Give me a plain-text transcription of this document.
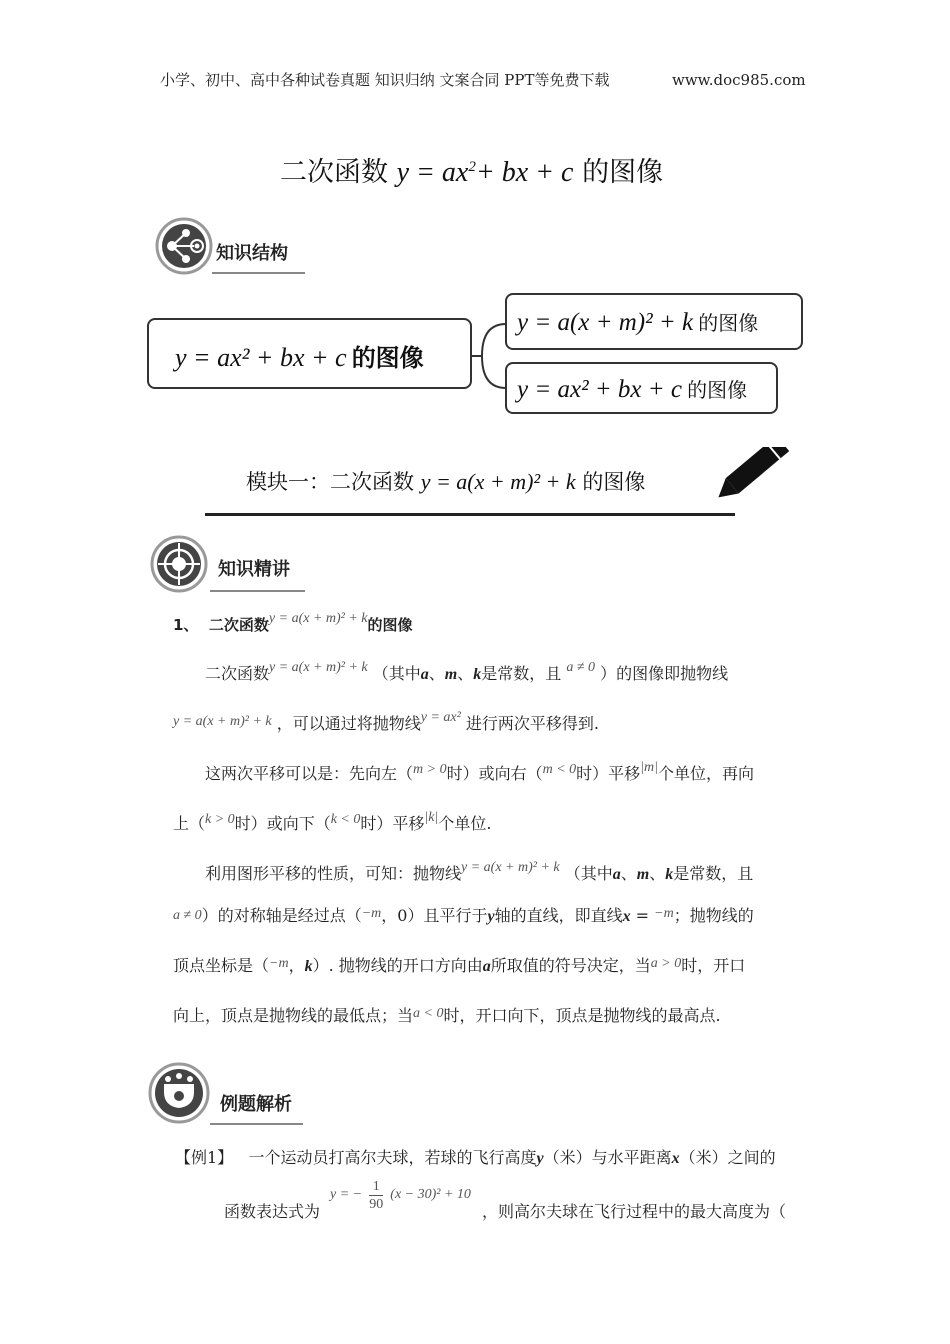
小学、初中、高中各种试卷真题 知识归纳 文案合同 PPT等免费下载	www.doc985.com
二次函数 $y = ax^2+$ bx + c 的图像
知识结构
y = ax² + bx + c 的图像
y = a(x + m)² + k 的图像
y = ax² + bx + c 的图像
模块一：二次函数 y = a(x + m)² + k 的图像
知识精讲
1、 二次函数y = a(x + m)² + k的图像
二次函数y = a(x + m)² + k （其中a、m、k是常数，且 a ≠ 0 ）的图像即抛物线
y = a(x + m)² + k ，可以通过将抛物线y = ax² 进行两次平移得到.
这两次平移可以是：先向左（m > 0时）或向右（m < 0时）平移|m|个单位，再向
上（k > 0时）或向下（k < 0时）平移|k|个单位.
利用图形平移的性质，可知：抛物线y = a(x + m)² + k （其中a、m、k是常数，且
a ≠ 0）的对称轴是经过点（−m，0）且平行于y轴的直线，即直线x = −m；抛物线的
顶点坐标是（−m，k）. 抛物线的开口方向由a所取值的符号决定，当a > 0时，开口
向上，顶点是抛物线的最低点；当a < 0时，开口向下，顶点是抛物线的最高点.
例题解析
【例1】 一个运动员打高尔夫球，若球的飞行高度y（米）与水平距离x（米）之间的
函数表达式为
y = − $\frac{1}{90} (x - 30)^2 + 10$
，则高尔夫球在飞行过程中的最大高度为（
